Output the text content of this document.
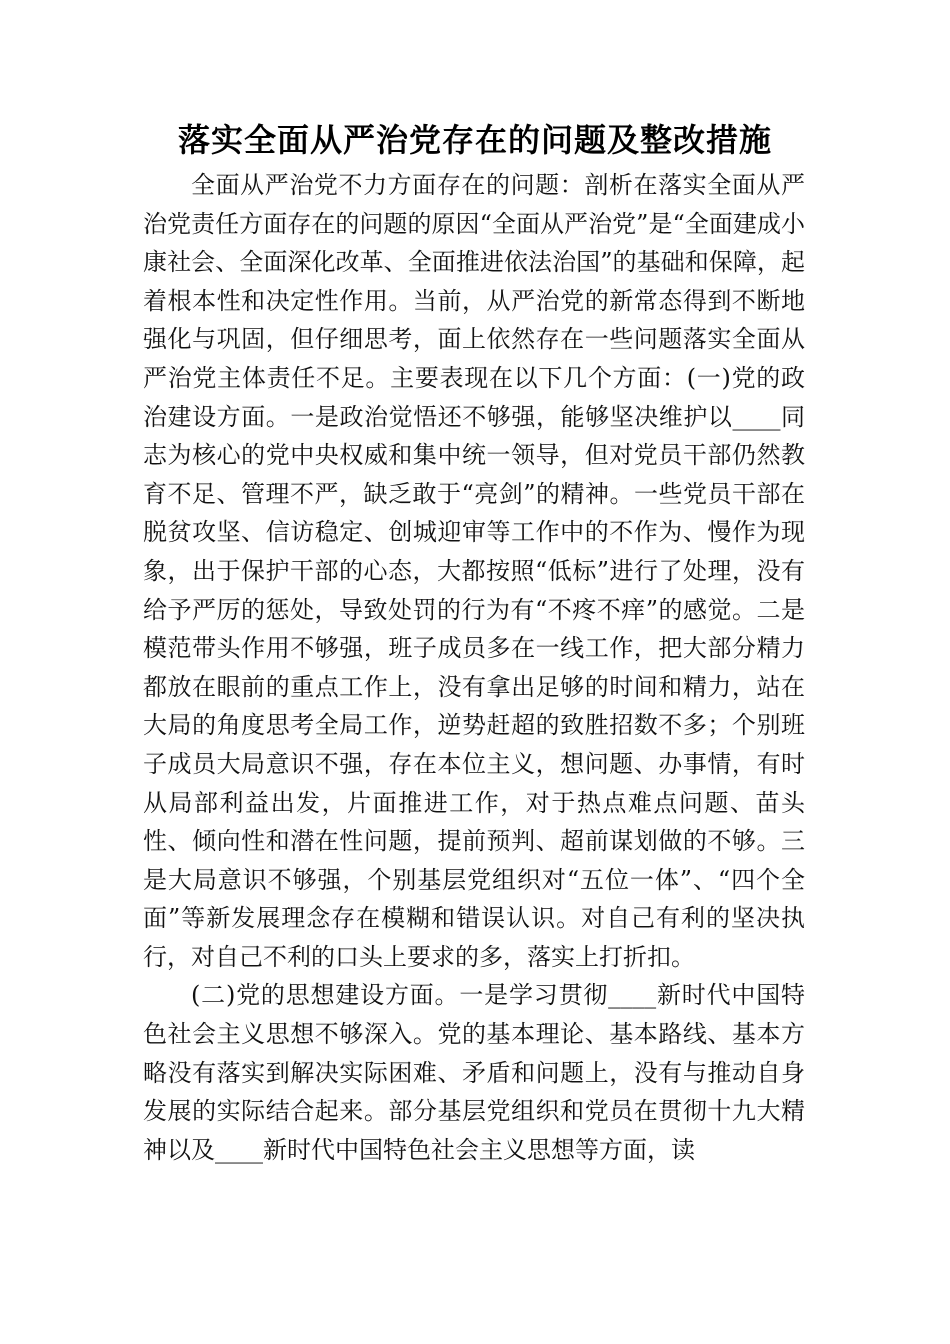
落实全面从严治党存在的问题及整改措施

全面从严治党不力方面存在的问题：剖析在落实全面从严治党责任方面存在的问题的原因“全面从严治党”是“全面建成小康社会、全面深化改革、全面推进依法治国”的基础和保障，起着根本性和决定性作用。当前，从严治党的新常态得到不断地强化与巩固，但仔细思考，面上依然存在一些问题落实全面从严治党主体责任不足。主要表现在以下几个方面：(一)党的政治建设方面。一是政治觉悟还不够强，能够坚决维护以____同志为核心的党中央权威和集中统一领导，但对党员干部仍然教育不足、管理不严，缺乏敢于“亮剑”的精神。一些党员干部在脱贫攻坚、信访稳定、创城迎审等工作中的不作为、慢作为现象，出于保护干部的心态，大都按照“低标”进行了处理，没有给予严厉的惩处，导致处罚的行为有“不疼不痒”的感觉。二是模范带头作用不够强，班子成员多在一线工作，把大部分精力都放在眼前的重点工作上，没有拿出足够的时间和精力，站在大局的角度思考全局工作，逆势赶超的致胜招数不多；个别班子成员大局意识不强，存在本位主义，想问题、办事情，有时从局部利益出发，片面推进工作，对于热点难点问题、苗头性、倾向性和潜在性问题，提前预判、超前谋划做的不够。三是大局意识不够强，个别基层党组织对“五位一体”、“四个全面”等新发展理念存在模糊和错误认识。对自己有利的坚决执行，对自己不利的口头上要求的多，落实上打折扣。

(二)党的思想建设方面。一是学习贯彻____新时代中国特色社会主义思想不够深入。党的基本理论、基本路线、基本方略没有落实到解决实际困难、矛盾和问题上，没有与推动自身发展的实际结合起来。部分基层党组织和党员在贯彻十九大精神以及____新时代中国特色社会主义思想等方面，读
